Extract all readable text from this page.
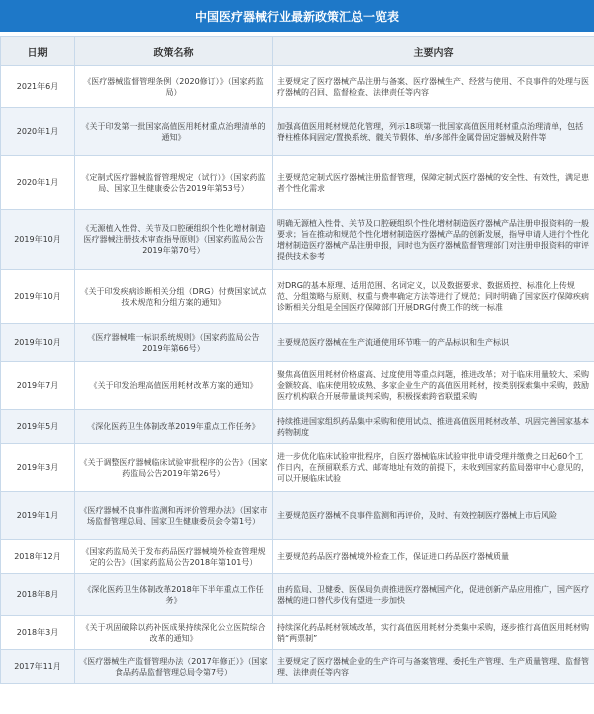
中国医疗器械行业最新政策汇总一览表
日期	政策名称	主要内容
2021年6月	《医疗器械监督管理条例（2020修订）》（国家药监局）	主要规定了医疗器械产品注册与备案、医疗器械生产、经营与使用、不良事件的处理与医疗器械的召回、监督检查、法律责任等内容
2020年1月	《关于印发第一批国家高值医用耗材重点治理清单的通知》	加强高值医用耗材规范化管理，列示18项第一批国家高值医用耗材重点治理清单，包括脊柱椎体间固定/置换系统、髋关节假体、单/多部件金属骨固定器械及附件等
2020年1月	《定制式医疗器械监督管理规定（试行）》（国家药监局、国家卫生健康委公告2019年第53号）	主要规范定制式医疗器械注册监督管理，保障定制式医疗器械的安全性、有效性，满足患者个性化需求
2019年10月	《无源植入性骨、关节及口腔硬组织个性化增材制造医疗器械注册技术审查指导原则》（国家药监局公告2019年第70号）	明确无源植入性骨、关节及口腔硬组织个性化增材制造医疗器械产品注册申报资料的一般要求；旨在推动和规范个性化增材制造医疗器械产品的创新发展，指导申请人进行个性化增材制造医疗器械产品注册申报，同时也为医疗器械监督管理部门对注册申报资料的审评提供技术参考
2019年10月	《关于印发疾病诊断相关分组（DRG）付费国家试点技术规范和分组方案的通知》	对DRG的基本原理、适用范围、名词定义，以及数据要求、数据质控、标准化上传规范、分组策略与原则、权重与费率确定方法等进行了规范；同时明确了国家医疗保障疾病诊断相关分组是全国医疗保障部门开展DRG付费工作的统一标准
2019年10月	《医疗器械唯一标识系统规则》（国家药监局公告2019年第66号）	主要规范医疗器械在生产流通使用环节唯一的产品标识和生产标识
2019年7月	《关于印发治理高值医用耗材改革方案的通知》	聚焦高值医用耗材价格虚高、过度使用等重点问题，推进改革；对于临床用量较大、采购金额较高、临床使用较成熟、多家企业生产的高值医用耗材，按类别探索集中采购，鼓励医疗机构联合开展带量谈判采购，积极探索跨省联盟采购
2019年5月	《深化医药卫生体制改革2019年重点工作任务》	持续推进国家组织药品集中采购和使用试点、推进高值医用耗材改革、巩固完善国家基本药物制度
2019年3月	《关于调整医疗器械临床试验审批程序的公告》（国家药监局公告2019年第26号）	进一步优化临床试验审批程序，自医疗器械临床试验审批申请受理并缴费之日起60个工作日内，在预留联系方式、邮寄地址有效的前提下，未收到国家药监局器审中心意见的，可以开展临床试验
2019年1月	《医疗器械不良事件监测和再评价管理办法》（国家市场监督管理总局、国家卫生健康委员会令第1号）	主要规范医疗器械不良事件监测和再评价，及时、有效控制医疗器械上市后风险
2018年12月	《国家药监局关于发布药品医疗器械境外检查管理规定的公告》（国家药监局公告2018年第101号）	主要规范药品医疗器械境外检查工作，保证进口药品医疗器械质量
2018年8月	《深化医药卫生体制改革2018年下半年重点工作任务》	由药监局、卫健委、医保局负责推进医疗器械国产化，促进创新产品应用推广，国产医疗器械的进口替代步伐有望进一步加快
2018年3月	《关于巩固破除以药补医成果持续深化公立医院综合改革的通知》	持续深化药品耗材领域改革，实行高值医用耗材分类集中采购，逐步推行高值医用耗材购销“两票制”
2017年11月	《医疗器械生产监督管理办法（2017年修正）》（国家食品药品监督管理总局令第7号）	主要规定了医疗器械企业的生产许可与备案管理、委托生产管理、生产质量管理、监督管理、法律责任等内容
